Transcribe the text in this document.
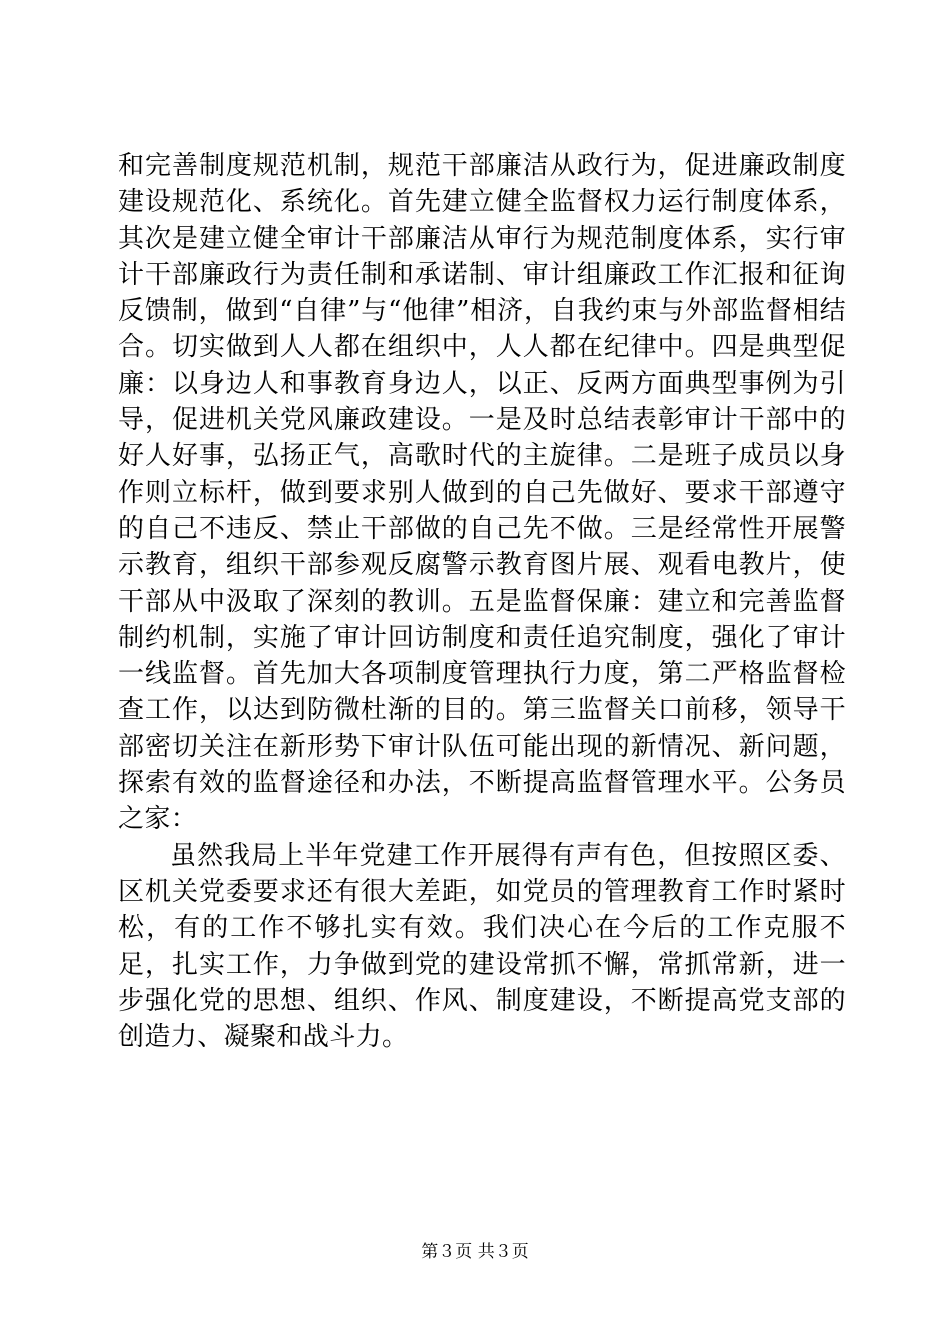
和完善制度规范机制，规范干部廉洁从政行为，促进廉政制度建设规范化、系统化。首先建立健全监督权力运行制度体系，其次是建立健全审计干部廉洁从审行为规范制度体系，实行审计干部廉政行为责任制和承诺制、审计组廉政工作汇报和征询反馈制，做到“自律”与“他律”相济，自我约束与外部监督相结合。切实做到人人都在组织中，人人都在纪律中。四是典型促廉：以身边人和事教育身边人，以正、反两方面典型事例为引导，促进机关党风廉政建设。一是及时总结表彰审计干部中的好人好事，弘扬正气，高歌时代的主旋律。二是班子成员以身作则立标杆，做到要求别人做到的自己先做好、要求干部遵守的自己不违反、禁止干部做的自己先不做。三是经常性开展警示教育，组织干部参观反腐警示教育图片展、观看电教片，使干部从中汲取了深刻的教训。五是监督保廉：建立和完善监督制约机制，实施了审计回访制度和责任追究制度，强化了审计一线监督。首先加大各项制度管理执行力度，第二严格监督检查工作，以达到防微杜渐的目的。第三监督关口前移，领导干部密切关注在新形势下审计队伍可能出现的新情况、新问题，探索有效的监督途径和办法，不断提高监督管理水平。公务员之家：

虽然我局上半年党建工作开展得有声有色，但按照区委、区机关党委要求还有很大差距，如党员的管理教育工作时紧时松，有的工作不够扎实有效。我们决心在今后的工作克服不足，扎实工作，力争做到党的建设常抓不懈，常抓常新，进一步强化党的思想、组织、作风、制度建设，不断提高党支部的创造力、凝聚和战斗力。

第３页 共３页
